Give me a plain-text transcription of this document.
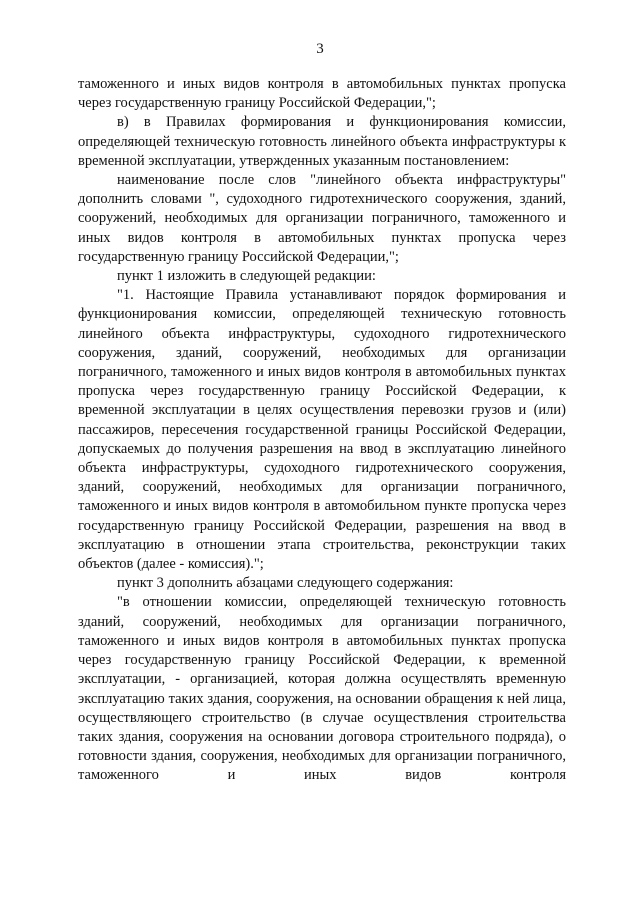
3

таможенного и иных видов контроля в автомобильных пунктах пропуска через государственную границу Российской Федерации,";

в) в Правилах формирования и функционирования комиссии, определяющей техническую готовность линейного объекта инфраструктуры к временной эксплуатации, утвержденных указанным постановлением:

наименование после слов "линейного объекта инфраструктуры" дополнить словами ", судоходного гидротехнического сооружения, зданий, сооружений, необходимых для организации пограничного, таможенного и иных видов контроля в автомобильных пунктах пропуска через государственную границу Российской Федерации,";

пункт 1 изложить в следующей редакции:

"1. Настоящие Правила устанавливают порядок формирования и функционирования комиссии, определяющей техническую готовность линейного объекта инфраструктуры, судоходного гидротехнического сооружения, зданий, сооружений, необходимых для организации пограничного, таможенного и иных видов контроля в автомобильных пунктах пропуска через государственную границу Российской Федерации, к временной эксплуатации в целях осуществления перевозки грузов и (или) пассажиров, пересечения государственной границы Российской Федерации, допускаемых до получения разрешения на ввод в эксплуатацию линейного объекта инфраструктуры, судоходного гидротехнического сооружения, зданий, сооружений, необходимых для организации пограничного, таможенного и иных видов контроля в автомобильном пункте пропуска через государственную границу Российской Федерации, разрешения на ввод в эксплуатацию в отношении этапа строительства, реконструкции таких объектов (далее - комиссия).";

пункт 3 дополнить абзацами следующего содержания:

"в отношении комиссии, определяющей техническую готовность зданий, сооружений, необходимых для организации пограничного, таможенного и иных видов контроля в автомобильных пунктах пропуска через государственную границу Российской Федерации, к временной эксплуатации, - организацией, которая должна осуществлять временную эксплуатацию таких здания, сооружения, на основании обращения к ней лица, осуществляющего строительство (в случае осуществления строительства таких здания, сооружения на основании договора строительного подряда), о готовности здания, сооружения, необходимых для организации пограничного, таможенного и иных видов контроля
